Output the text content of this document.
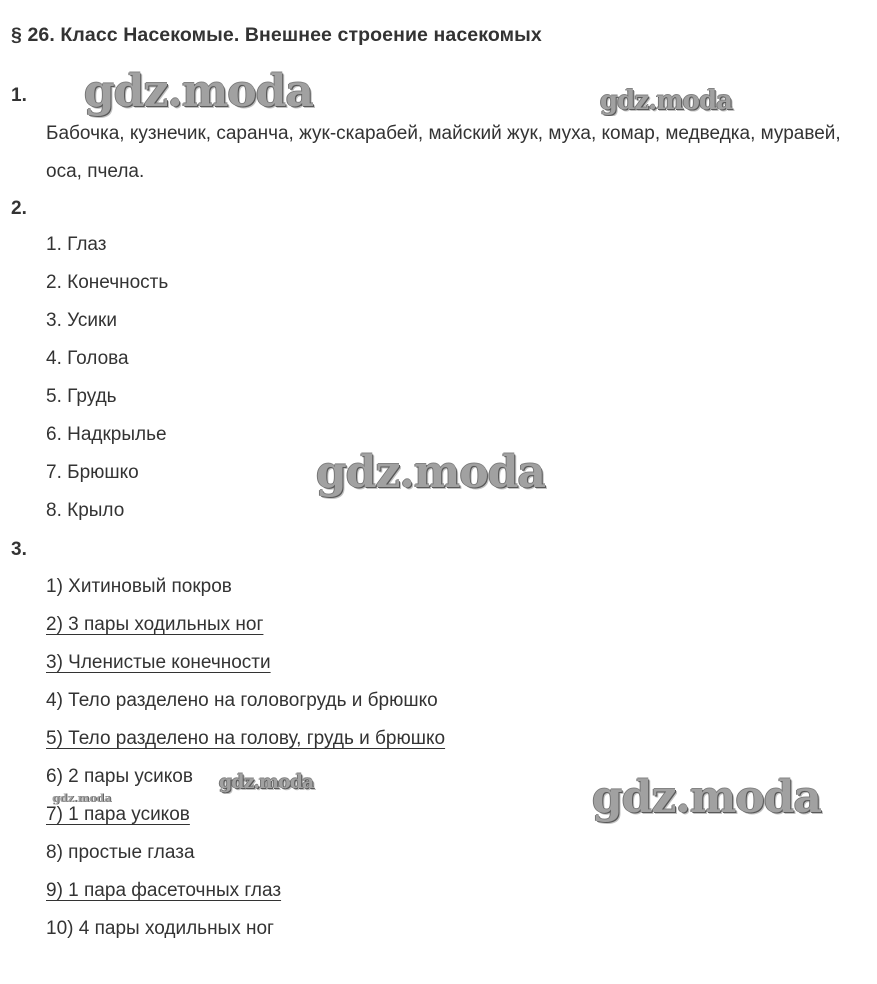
§ 26. Класс Насекомые. Внешнее строение насекомых
1.
Бабочка, кузнечик, саранча, жук-скарабей, майский жук, муха, комар, медведка, муравей, оса, пчела.
2.
1. Глаз
2. Конечность
3. Усики
4. Голова
5. Грудь
6. Надкрылье
7. Брюшко
8. Крыло
3.
1) Хитиновый покров
2) 3 пары ходильных ног
3) Членистые конечности
4) Тело разделено на головогрудь и брюшко
5) Тело разделено на голову, грудь и брюшко
6) 2 пары усиков
7) 1 пара усиков
8) простые глаза
9) 1 пара фасеточных глаз
10) 4 пары ходильных ног
gdz.moda	gdz.moda
gdz.moda
gdz.moda
gdz.moda	gdz.moda
